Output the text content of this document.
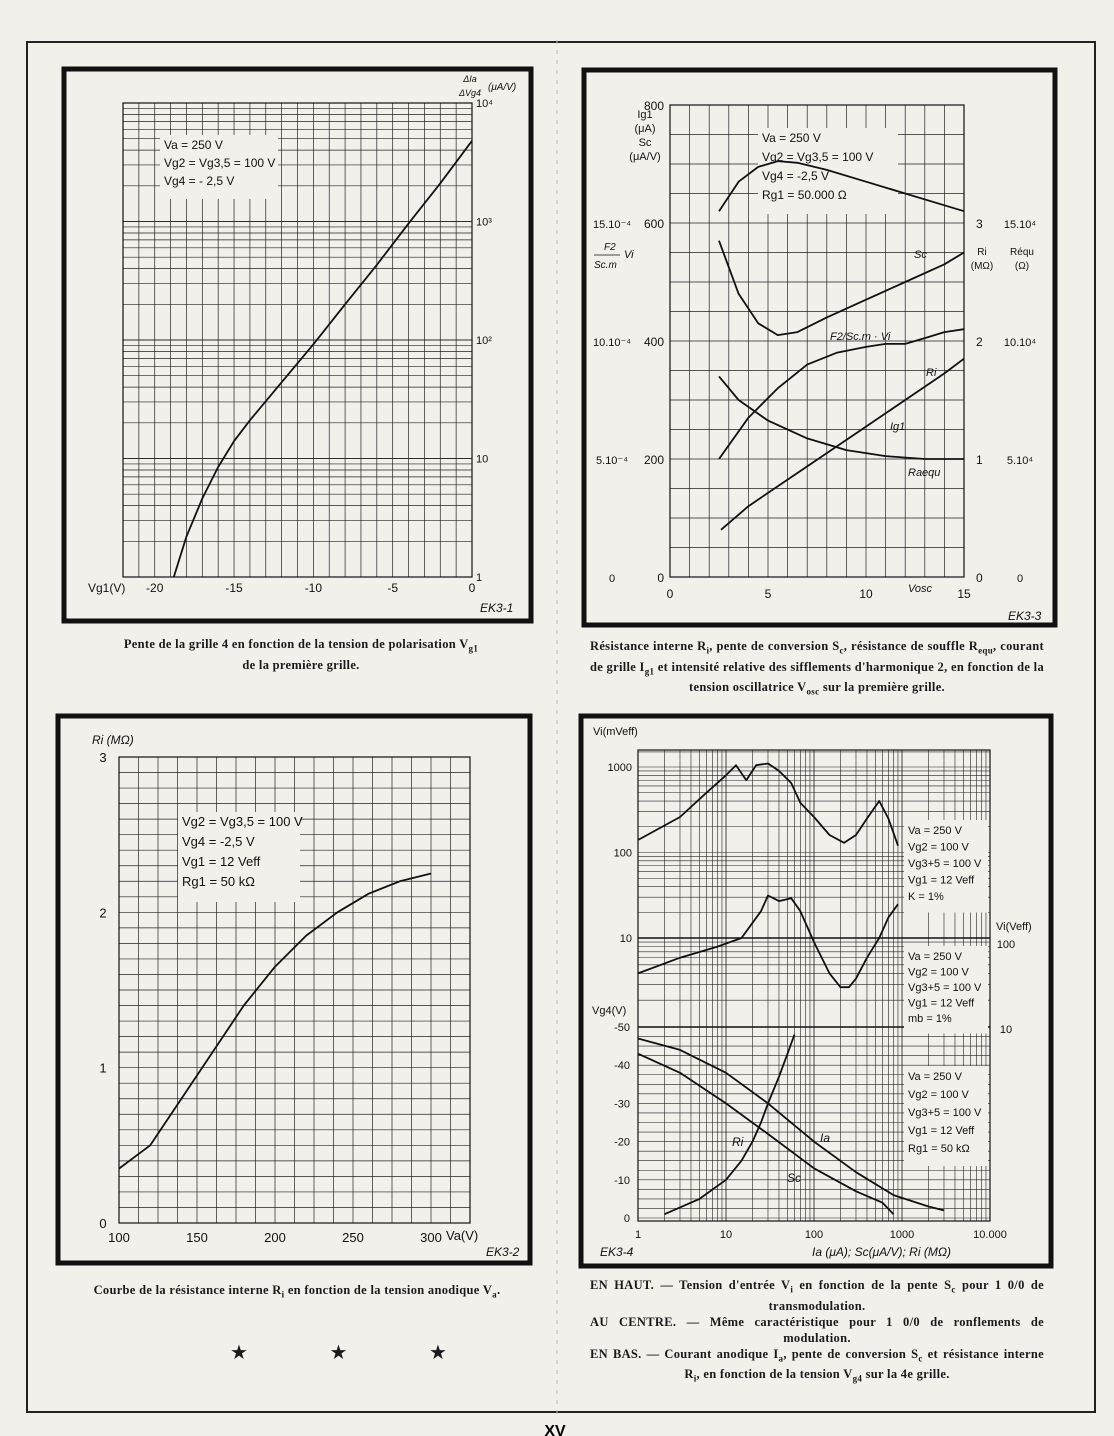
-20	-15	-10	-5	0
1
10
10²
10³
10⁴
Vg1(V)
ΔIa
ΔVg4 (μA/V)
EK3-1
Va = 250 V
Vg2 = Vg3,5 = 100 V
Vg4 = - 2,5 V
0	5	10	15
Vosc
0
200
400
600
800
Ig1
(μA)
Sc
(μA/V)
F2
Sc.m
Vi
0
5.10⁻⁴
10.10⁻⁴
15.10⁻⁴
0
1
2
3
0
5.10⁴
10.10⁴
15.10⁴
Ri
(MΩ)
Réqu
(Ω)
EK3-3
Va = 250 V
Vg2 = Vg3,5 = 100 V
Vg4 = -2,5 V
Rg1 = 50.000 Ω
Sc
F2/Sc.m · Vi
Ri
Ig1
Raequ
100	150	200	250	300 Va(V)
0
1
2
3
Ri (MΩ)
EK3-2
Vg2 = Vg3,5 = 100 V
Vg4 = -2,5 V
Vg1 = 12 Veff
Rg1 = 50 kΩ
1	10	100	1000	10.000
Ia (μA); Sc(μA/V); Ri (MΩ)
EK3-4
Vi(mVeff)
1000
100
10
Vi(Veff)
100
10
Vg4(V)
-50
-40
-30
-20
-10
0
Va = 250 V
Vg2 = 100 V
Vg3+5 = 100 V
Vg1 = 12 Veff
K = 1%
Va = 250 V
Vg2 = 100 V
Vg3+5 = 100 V
Vg1 = 12 Veff
mb = 1%
Va = 250 V
Vg2 = 100 V
Vg3+5 = 100 V
Vg1 = 12 Veff
Rg1 = 50 kΩ
Ri	Ia
Sc
XV

Pente de la grille 4 en fonction de la tension de polarisation $V_{g1}$

de la première grille.

Résistance interne $R_i$, pente de conversion $S_c$, résistance de souffle $R_{equ}$, courant de grille $I_{g1}$ et intensité relative des sifflements d'harmonique 2, en fonction de la tension oscillatrice $V_{osc}$ sur la première grille.
Courbe de la résistance interne $R_i$ en fonction de la tension anodique $V_a$.
★ ★ ★

EN HAUT. — Tension d'entrée $V_i$ en fonction de la pente $S_c$ pour 1 0/0 de transmodulation.

AU CENTRE. — Même caractéristique pour 1 0/0 de ronflements de modulation.

EN BAS. — Courant anodique $I_a$, pente de conversion $S_c$ et résistance interne $R_i$, en fonction de la tension $V_{g4}$ sur la 4e grille.
